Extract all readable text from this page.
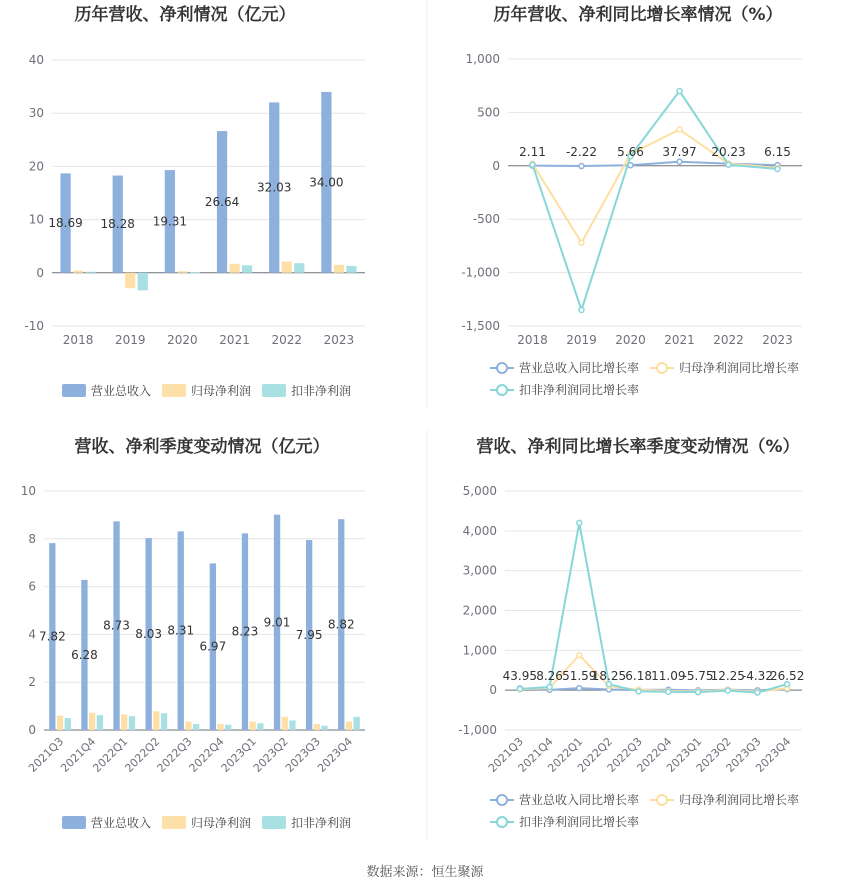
历年营收、净利情况（亿元）	历年营收、净利同比增长率情况（%）
营收、净利季度变动情况（亿元）	营收、净利同比增长率季度变动情况（%）
-10
0
10
20
30
40
2018 2019 2020 2021 2022 2023
18.69 18.28 19.31
26.64
32.03 34.00
营业总收入	归母净利润	扣非净利润
-1,500
-1,000
-500
0
500
1,000
2018 2019 2020 2021 2022 2023
2.11 -2.22 5.66 37.97 20.23 6.15
营业总收入同比增长率	归母净利润同比增长率
扣非净利润同比增长率
0
2
4
6
8
10
2021Q3
2021Q4
2022Q1
2022Q2
2022Q3
2022Q4
2023Q1
2023Q2
2023Q3
2023Q4
7.82
6.28
8.73
8.03 8.31
6.97
8.23
9.01
7.95
8.82
营业总收入	归母净利润	扣非净利润
-1,000
0
1,000
2,000
3,000
4,000
5,000
2021Q3
2021Q4
2022Q1
2022Q2
2022Q3
2022Q4
2023Q1
2023Q2
2023Q3
2023Q4
43.95 8.26 51.59
18.25 6.18 11.09
-5.75
12.25
-4.32
26.52
营业总收入同比增长率	归母净利润同比增长率
扣非净利润同比增长率
数据来源：恒生聚源
